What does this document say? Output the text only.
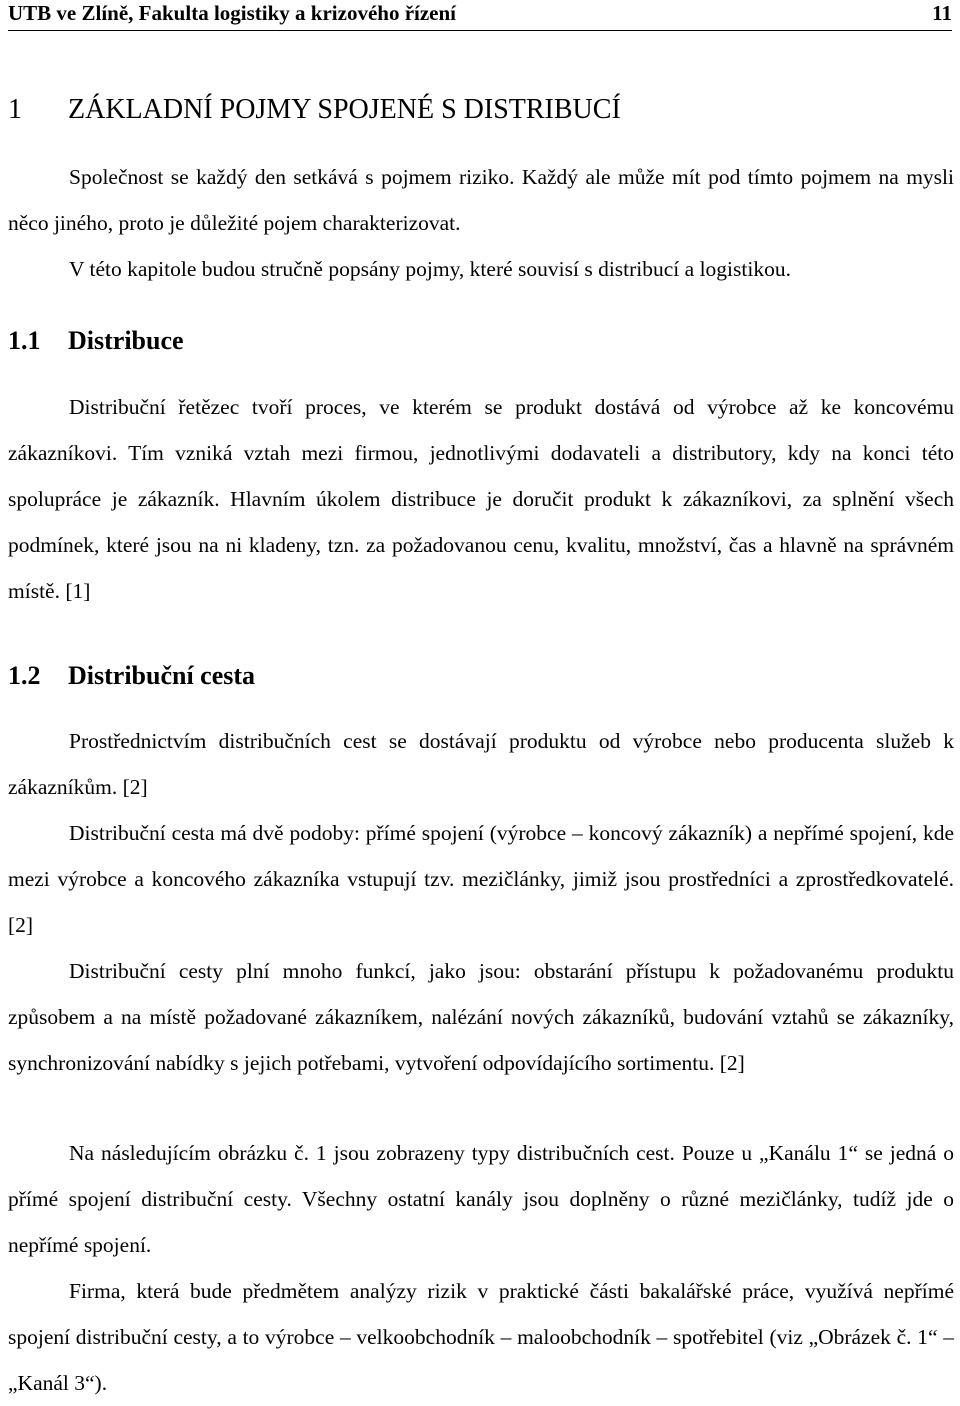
UTB ve Zlíně, Fakulta logistiky a krizového řízení	11
1 ZÁKLADNÍ POJMY SPOJENÉ S DISTRIBUCÍ

Společnost se každý den setkává s pojmem riziko. Každý ale může mít pod tímto pojmem na mysli něco jiného, proto je důležité pojem charakterizovat.

V této kapitole budou stručně popsány pojmy, které souvisí s distribucí a logistikou.

1.1 Distribuce

Distribuční řetězec tvoří proces, ve kterém se produkt dostává od výrobce až ke koncovému zákazníkovi. Tím vzniká vztah mezi firmou, jednotlivými dodavateli a distributory, kdy na konci této spolupráce je zákazník. Hlavním úkolem distribuce je doručit produkt k zákazníkovi, za splnění všech podmínek, které jsou na ni kladeny, tzn. za požadovanou cenu, kvalitu, množství, čas a hlavně na správném místě. [1]

1.2 Distribuční cesta

Prostřednictvím distribučních cest se dostávají produktu od výrobce nebo producenta služeb k zákazníkům. [2]

Distribuční cesta má dvě podoby: přímé spojení (výrobce – koncový zákazník) a nepřímé spojení, kde mezi výrobce a koncového zákazníka vstupují tzv. mezičlánky, jimiž jsou prostředníci a zprostředkovatelé. [2]

Distribuční cesty plní mnoho funkcí, jako jsou: obstarání přístupu k požadovanému produktu způsobem a na místě požadované zákazníkem, nalézání nových zákazníků, budování vztahů se zákazníky, synchronizování nabídky s jejich potřebami, vytvoření odpovídajícího sortimentu. [2]

Na následujícím obrázku č. 1 jsou zobrazeny typy distribučních cest. Pouze u „Kanálu 1“ se jedná o přímé spojení distribuční cesty. Všechny ostatní kanály jsou doplněny o různé mezičlánky, tudíž jde o nepřímé spojení.

Firma, která bude předmětem analýzy rizik v praktické části bakalářské práce, využívá nepřímé spojení distribuční cesty, a to výrobce – velkoobchodník – maloobchodník – spotřebitel (viz „Obrázek č. 1“ – „Kanál 3“).
